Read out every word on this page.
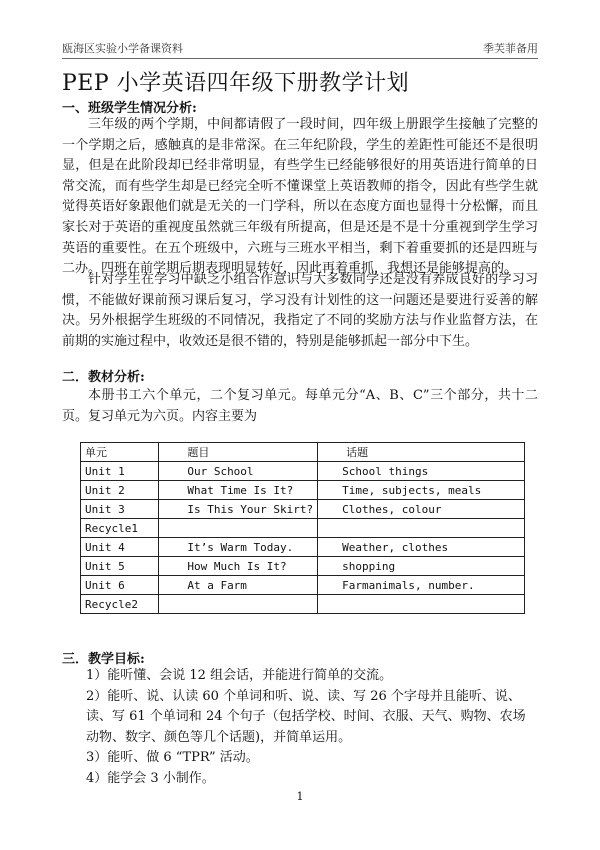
瓯海区实验小学备课资料	季芙菲备用
PEP 小学英语四年级下册教学计划
一、班级学生情况分析:

三年级的两个学期，中间都请假了一段时间，四年级上册跟学生接触了完整的一个学期之后，感触真的是非常深。在三年纪阶段，学生的差距性可能还不是很明显，但是在此阶段却已经非常明显，有些学生已经能够很好的用英语进行简单的日常交流，而有些学生却是已经完全听不懂课堂上英语教师的指令，因此有些学生就觉得英语好象跟他们就是无关的一门学科，所以在态度方面也显得十分松懈，而且家长对于英语的重视度虽然就三年级有所提高，但是还是不是十分重视到学生学习英语的重要性。在五个班级中，六班与三班水平相当，剩下着重要抓的还是四班与二办。四班在前学期后期表现明显转好，因此再着重抓，我想还是能够提高的。

针对学生在学习中缺乏小组合作意识与大多数同学还是没有养成良好的学习习惯，不能做好课前预习课后复习，学习没有计划性的这一问题还是要进行妥善的解决。另外根据学生班级的不同情况，我指定了不同的奖励方法与作业监督方法，在前期的实施过程中，收效还是很不错的，特别是能够抓起一部分中下生。

二．教材分析:

本册书工六个单元，二个复习单元。每单元分“A、B、C”三个部分，共十二页。复习单元为六页。内容主要为

单元	题目	话题
Unit 1	Our School	School things
Unit 2	What Time Is It?	Time, subjects, meals
Unit 3	Is This Your Skirt?	Clothes, colour
Recycle1		
Unit 4	It’s Warm Today.	Weather, clothes
Unit 5	How Much Is It?	shopping
Unit 6	At a Farm	Farmanimals, number.
Recycle2		
三．教学目标:
1）能听懂、会说 12 组会话，并能进行简单的交流。
2）能听、说、认读 60 个单词和听、说、读、写 26 个字母并且能听、说、读、写 61 个单词和 24 个句子（包括学校、时间、衣服、天气、购物、农场动物、数字、颜色等几个话题)，并简单运用。
3）能听、做 6 “TPR” 活动。
4）能学会 3 小制作。
1
